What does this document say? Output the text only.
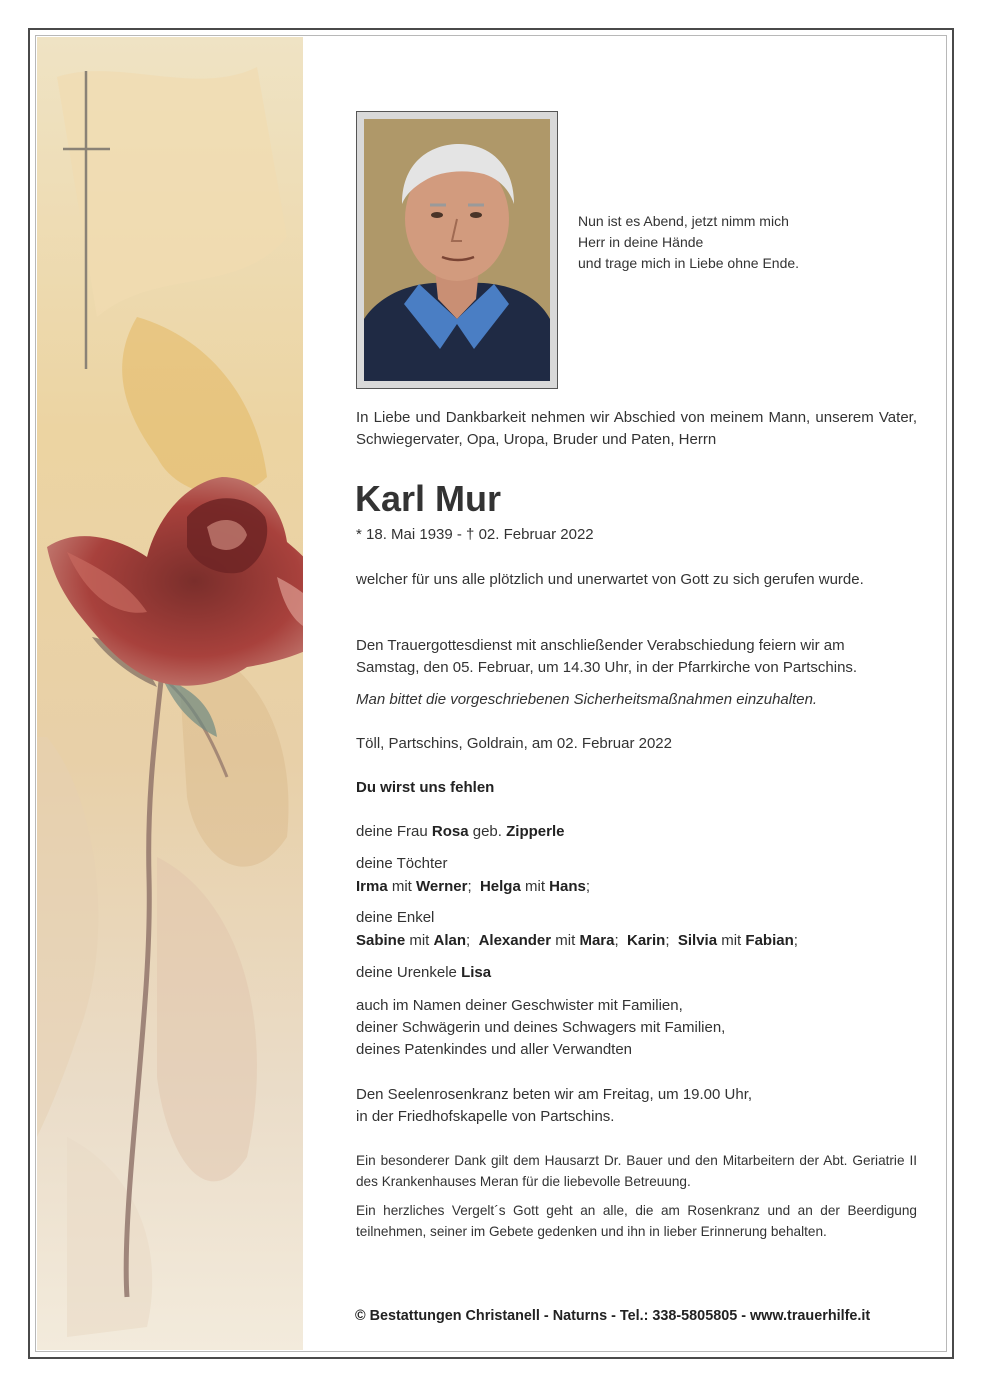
Nun ist es Abend, jetzt nimm mich

Herr in deine Hände

und trage mich in Liebe ohne Ende.

In Liebe und Dankbarkeit nehmen wir Abschied von meinem Mann, unserem Vater, Schwiegervater, Opa, Uropa, Bruder und Paten, Herrn

Karl Mur

* 18. Mai 1939 - † 02. Februar 2022

welcher für uns alle plötzlich und unerwartet von Gott zu sich gerufen wurde.

Den Trauergottesdienst mit anschließender Verabschiedung feiern wir am

Samstag, den 05. Februar, um 14.30 Uhr, in der Pfarrkirche von Partschins.

Man bittet die vorgeschriebenen Sicherheitsmaßnahmen einzuhalten.

Töll, Partschins, Goldrain, am 02. Februar 2022

Du wirst uns fehlen

deine Frau Rosa geb. Zipperle

deine Töchter

Irma mit Werner; Helga mit Hans;

deine Enkel

Sabine mit Alan; Alexander mit Mara; Karin; Silvia mit Fabian;

deine Urenkele Lisa

auch im Namen deiner Geschwister mit Familien,

deiner Schwägerin und deines Schwagers mit Familien,

deines Patenkindes und aller Verwandten

Den Seelenrosenkranz beten wir am Freitag, um 19.00 Uhr,

in der Friedhofskapelle von Partschins.

Ein besonderer Dank gilt dem Hausarzt Dr. Bauer und den Mitarbeitern der Abt. Geriatrie II des Krankenhauses Meran für die liebevolle Betreuung.

Ein herzliches Vergelt´s Gott geht an alle, die am Rosenkranz und an der Beerdigung teilnehmen, seiner im Gebete gedenken und ihn in lieber Erinnerung behalten.

© Bestattungen Christanell - Naturns - Tel.: 338-5805805 - www.trauerhilfe.it
